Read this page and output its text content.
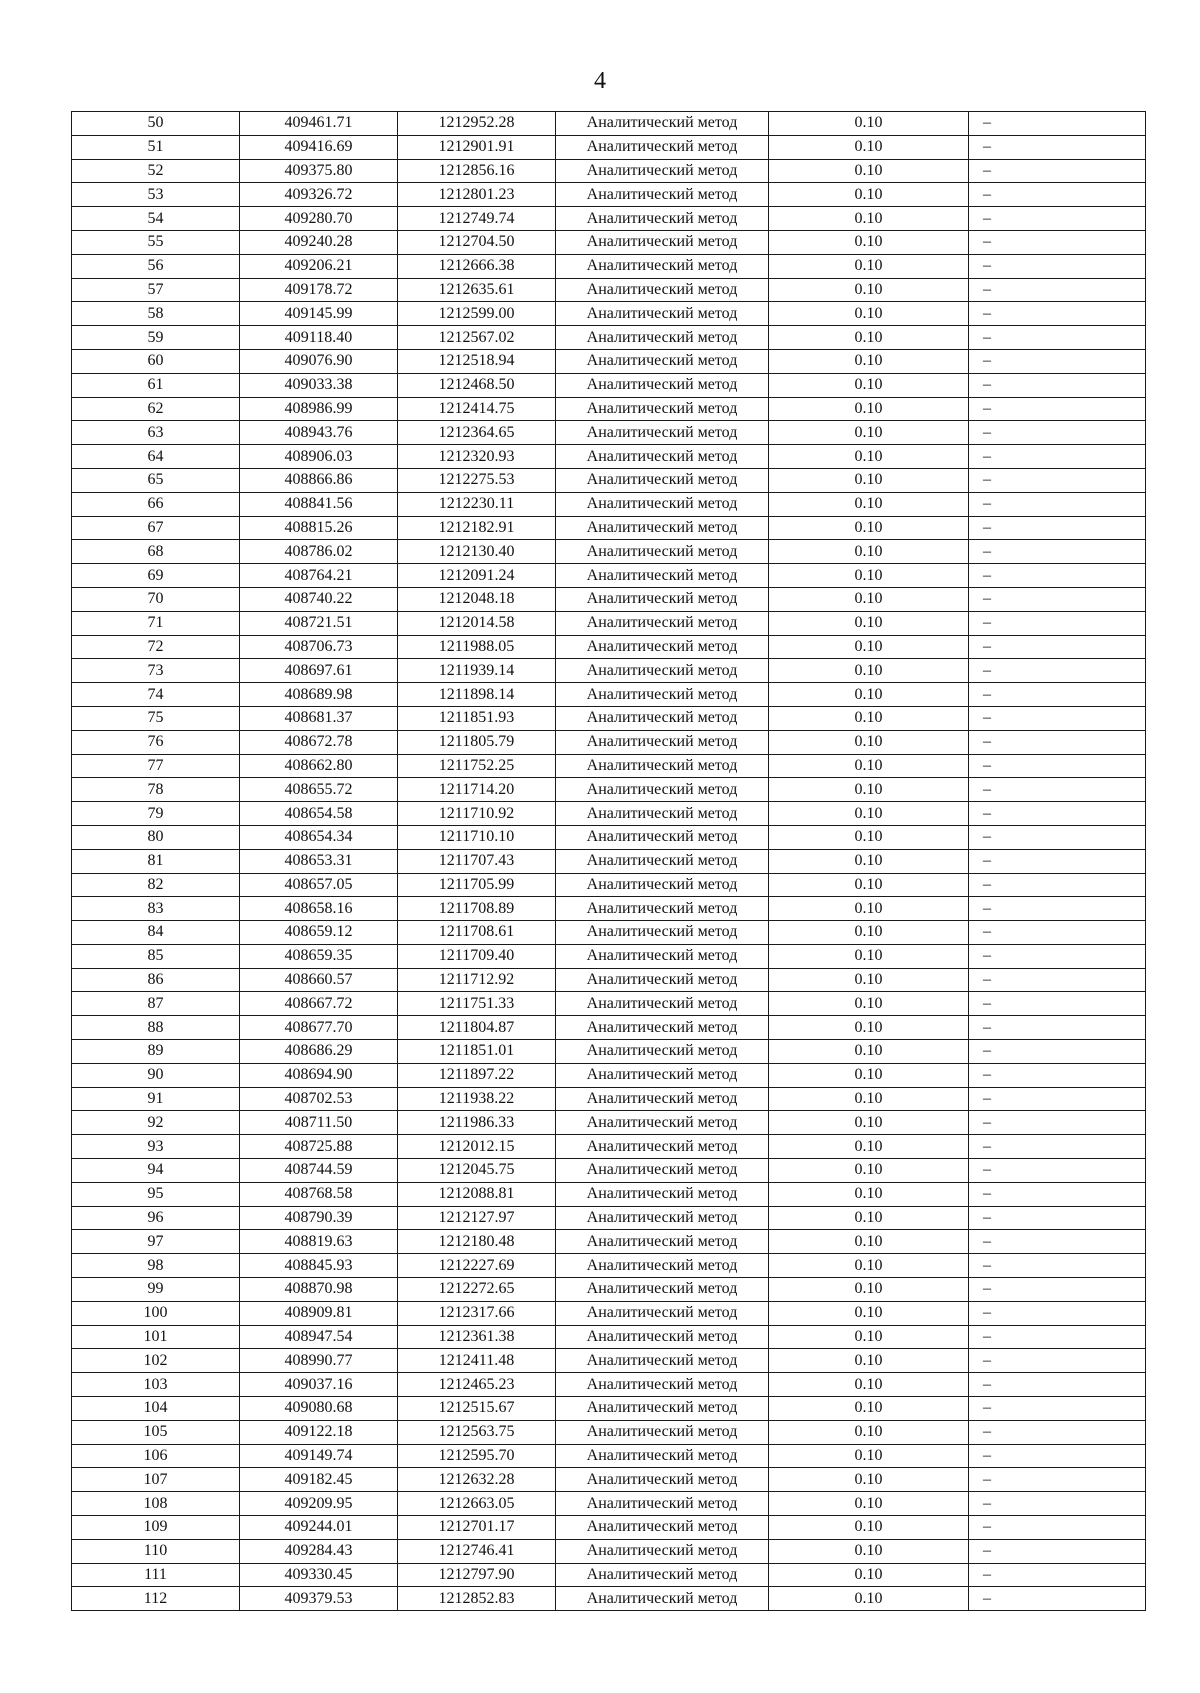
4
50	409461.71	1212952.28	Аналитический метод	0.10	–
51	409416.69	1212901.91	Аналитический метод	0.10	–
52	409375.80	1212856.16	Аналитический метод	0.10	–
53	409326.72	1212801.23	Аналитический метод	0.10	–
54	409280.70	1212749.74	Аналитический метод	0.10	–
55	409240.28	1212704.50	Аналитический метод	0.10	–
56	409206.21	1212666.38	Аналитический метод	0.10	–
57	409178.72	1212635.61	Аналитический метод	0.10	–
58	409145.99	1212599.00	Аналитический метод	0.10	–
59	409118.40	1212567.02	Аналитический метод	0.10	–
60	409076.90	1212518.94	Аналитический метод	0.10	–
61	409033.38	1212468.50	Аналитический метод	0.10	–
62	408986.99	1212414.75	Аналитический метод	0.10	–
63	408943.76	1212364.65	Аналитический метод	0.10	–
64	408906.03	1212320.93	Аналитический метод	0.10	–
65	408866.86	1212275.53	Аналитический метод	0.10	–
66	408841.56	1212230.11	Аналитический метод	0.10	–
67	408815.26	1212182.91	Аналитический метод	0.10	–
68	408786.02	1212130.40	Аналитический метод	0.10	–
69	408764.21	1212091.24	Аналитический метод	0.10	–
70	408740.22	1212048.18	Аналитический метод	0.10	–
71	408721.51	1212014.58	Аналитический метод	0.10	–
72	408706.73	1211988.05	Аналитический метод	0.10	–
73	408697.61	1211939.14	Аналитический метод	0.10	–
74	408689.98	1211898.14	Аналитический метод	0.10	–
75	408681.37	1211851.93	Аналитический метод	0.10	–
76	408672.78	1211805.79	Аналитический метод	0.10	–
77	408662.80	1211752.25	Аналитический метод	0.10	–
78	408655.72	1211714.20	Аналитический метод	0.10	–
79	408654.58	1211710.92	Аналитический метод	0.10	–
80	408654.34	1211710.10	Аналитический метод	0.10	–
81	408653.31	1211707.43	Аналитический метод	0.10	–
82	408657.05	1211705.99	Аналитический метод	0.10	–
83	408658.16	1211708.89	Аналитический метод	0.10	–
84	408659.12	1211708.61	Аналитический метод	0.10	–
85	408659.35	1211709.40	Аналитический метод	0.10	–
86	408660.57	1211712.92	Аналитический метод	0.10	–
87	408667.72	1211751.33	Аналитический метод	0.10	–
88	408677.70	1211804.87	Аналитический метод	0.10	–
89	408686.29	1211851.01	Аналитический метод	0.10	–
90	408694.90	1211897.22	Аналитический метод	0.10	–
91	408702.53	1211938.22	Аналитический метод	0.10	–
92	408711.50	1211986.33	Аналитический метод	0.10	–
93	408725.88	1212012.15	Аналитический метод	0.10	–
94	408744.59	1212045.75	Аналитический метод	0.10	–
95	408768.58	1212088.81	Аналитический метод	0.10	–
96	408790.39	1212127.97	Аналитический метод	0.10	–
97	408819.63	1212180.48	Аналитический метод	0.10	–
98	408845.93	1212227.69	Аналитический метод	0.10	–
99	408870.98	1212272.65	Аналитический метод	0.10	–
100	408909.81	1212317.66	Аналитический метод	0.10	–
101	408947.54	1212361.38	Аналитический метод	0.10	–
102	408990.77	1212411.48	Аналитический метод	0.10	–
103	409037.16	1212465.23	Аналитический метод	0.10	–
104	409080.68	1212515.67	Аналитический метод	0.10	–
105	409122.18	1212563.75	Аналитический метод	0.10	–
106	409149.74	1212595.70	Аналитический метод	0.10	–
107	409182.45	1212632.28	Аналитический метод	0.10	–
108	409209.95	1212663.05	Аналитический метод	0.10	–
109	409244.01	1212701.17	Аналитический метод	0.10	–
110	409284.43	1212746.41	Аналитический метод	0.10	–
111	409330.45	1212797.90	Аналитический метод	0.10	–
112	409379.53	1212852.83	Аналитический метод	0.10	–
